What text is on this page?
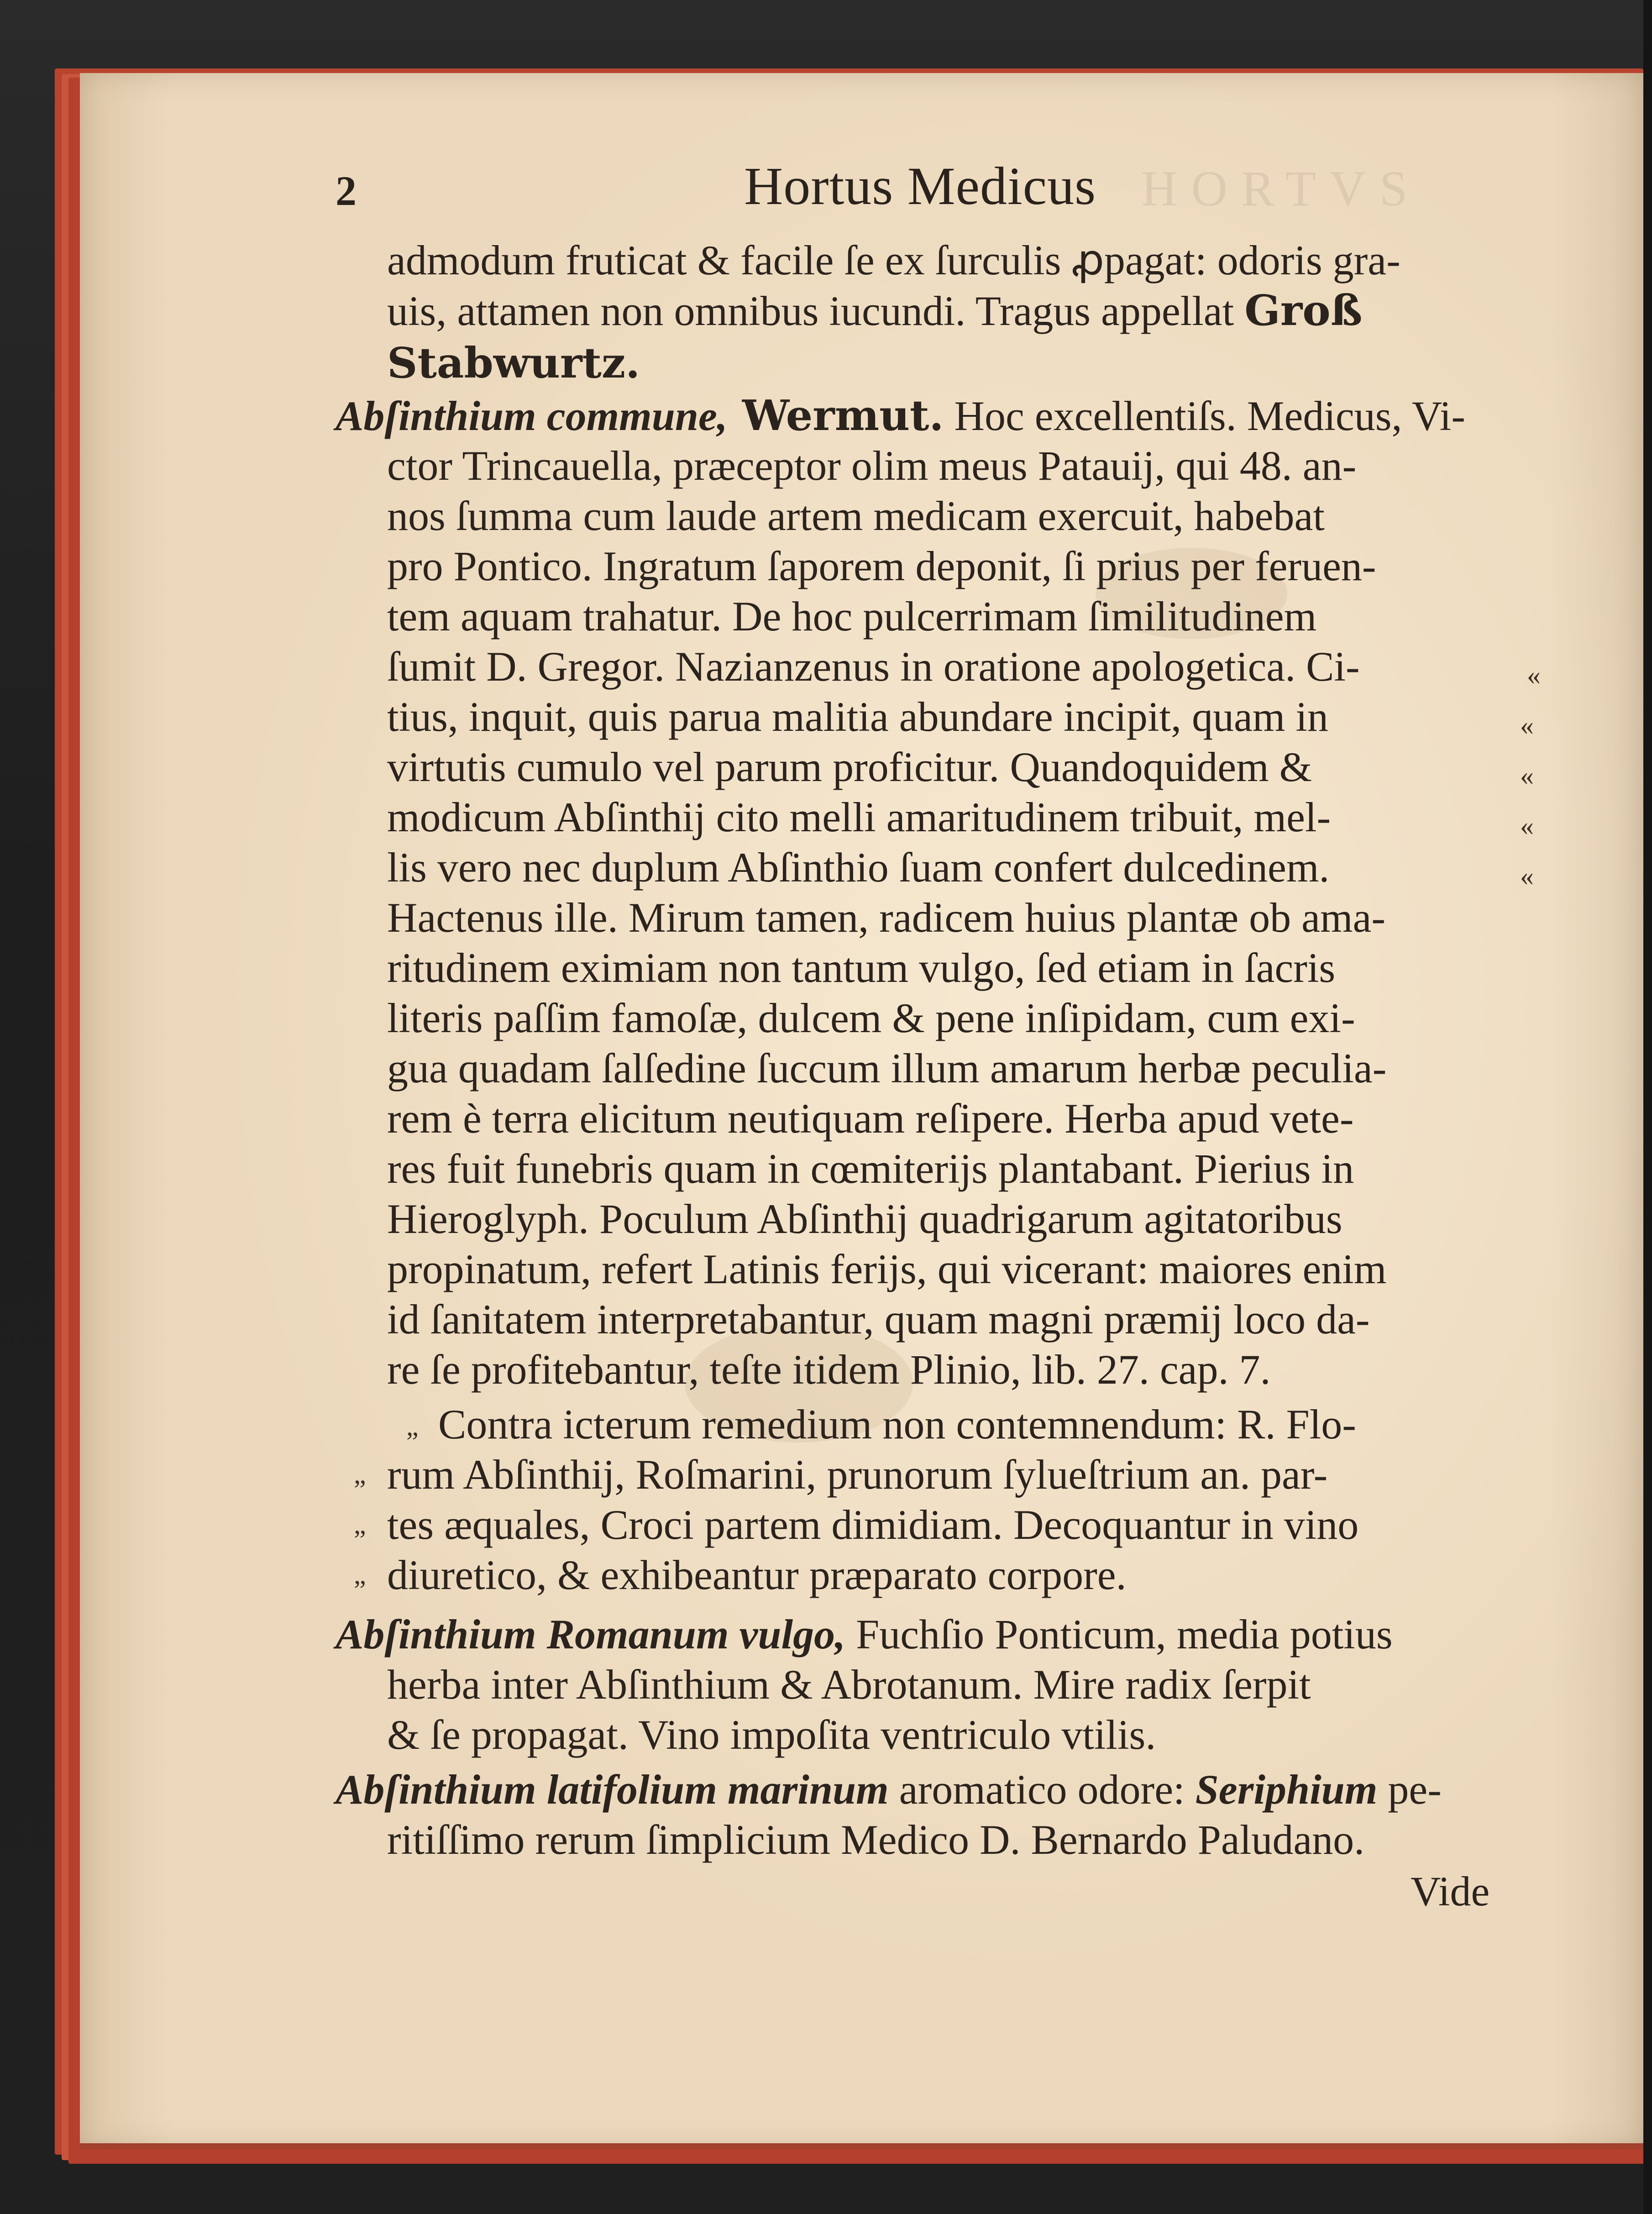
HORTVS
2	Hortus Medicus
admodum fruticat & facile ſe ex ſurculis ꝓpagat: odoris gra-
uis, attamen non omnibus iucundi. Tragus appellat Groß
Stabwurtz.
Abſinthium commune, Wermut. Hoc excellentiſs. Medicus, Vi-
ctor Trincauella, præceptor olim meus Patauij, qui 48. an-
nos ſumma cum laude artem medicam exercuit, habebat
pro Pontico. Ingratum ſaporem deponit, ſi prius per feruen-
tem aquam trahatur. De hoc pulcerrimam ſimilitudinem
ſumit D. Gregor. Nazianzenus in oratione apologetica. Ci-
tius, inquit, quis parua malitia abundare incipit, quam in
virtutis cumulo vel parum proficitur. Quandoquidem &
modicum Abſinthij cito melli amaritudinem tribuit, mel-
lis vero nec duplum Abſinthio ſuam confert dulcedinem.
Hactenus ille. Mirum tamen, radicem huius plantæ ob ama-
ritudinem eximiam non tantum vulgo, ſed etiam in ſacris
literis paſſim famoſæ, dulcem & pene inſipidam, cum exi-
gua quadam ſalſedine ſuccum illum amarum herbæ peculia-
rem è terra elicitum neutiquam reſipere. Herba apud vete-
res fuit funebris quam in cœmiterijs plantabant. Pierius in
Hieroglyph. Poculum Abſinthij quadrigarum agitatoribus
propinatum, refert Latinis ferijs, qui vicerant: maiores enim
id ſanitatem interpretabantur, quam magni præmij loco da-
re ſe profitebantur, teſte itidem Plinio, lib. 27. cap. 7.
Contra icterum remedium non contemnendum: R. Flo-
rum Abſinthij, Roſmarini, prunorum ſylueſtrium an. par-
tes æquales, Croci partem dimidiam. Decoquantur in vino
diuretico, & exhibeantur præparato corpore.
Abſinthium Romanum vulgo, Fuchſio Ponticum, media potius
herba inter Abſinthium & Abrotanum. Mire radix ſerpit
& ſe propagat. Vino impoſita ventriculo vtilis.
Abſinthium latifolium marinum aromatico odore: Seriphium pe-
ritiſſimo rerum ſimplicium Medico D. Bernardo Paludano.
«
«
«
«
«
„
„
„
„
Vide
